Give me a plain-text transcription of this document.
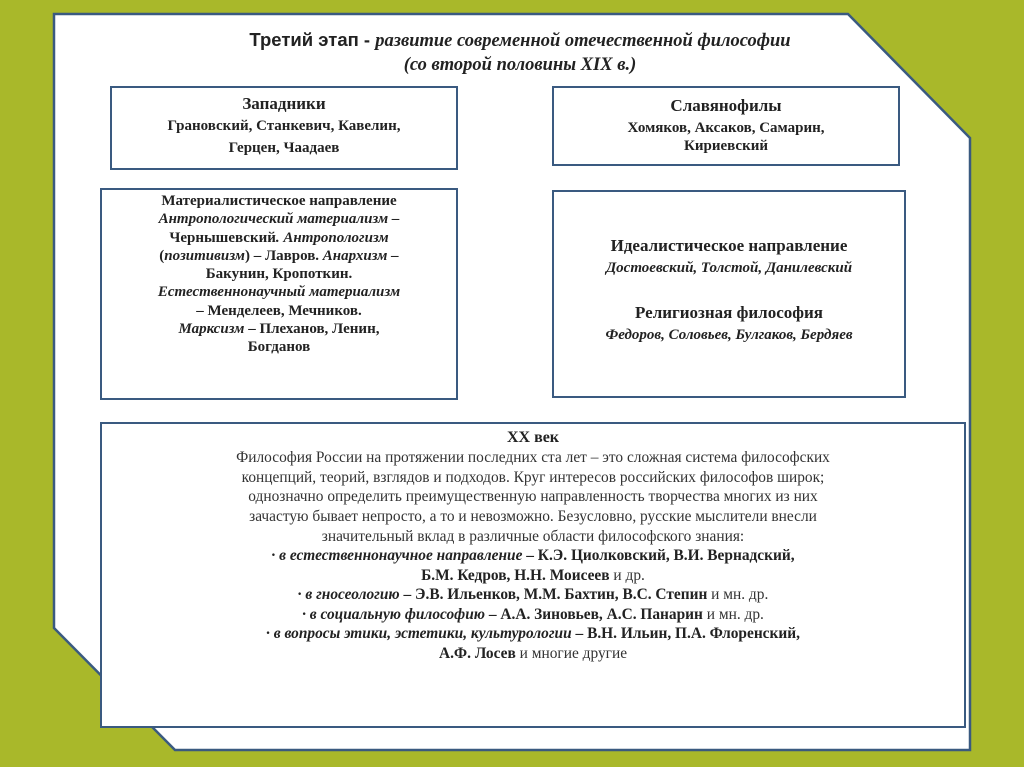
Третий этап - развитие современной отечественной философии
(со второй половины XIX в.)
Западники
Грановский, Станкевич, Кавелин,
Герцен, Чаадаев
Славянофилы
Хомяков, Аксаков, Самарин,
Кириевский
Материалистическое направление
Антропологический материализм –
Чернышевский. Антропологизм
(позитивизм) – Лавров. Анархизм –
Бакунин, Кропоткин.
Естественнонаучный материализм
– Менделеев, Мечников.
Марксизм – Плеханов, Ленин,
Богданов
Идеалистическое направление
Достоевский, Толстой, Данилевский
Религиозная философия
Федоров, Соловьев, Булгаков, Бердяев
XX век
Философия России на протяжении последних ста лет – это сложная система философских
концепций, теорий, взглядов и подходов. Круг интересов российских философов широк;
однозначно определить преимущественную направленность творчества многих из них
зачастую бывает непросто, а то и невозможно. Безусловно, русские мыслители внесли
значительный вклад в различные области философского знания:
· в естественнонаучное направление – К.Э. Циолковский, В.И. Вернадский,
Б.М. Кедров, Н.Н. Моисеев и др.
· в гносеологию – Э.В. Ильенков, М.М. Бахтин, В.С. Степин и мн. др.
· в социальную философию – А.А. Зиновьев, А.С. Панарин и мн. др.
· в вопросы этики, эстетики, культурологии – В.Н. Ильин, П.А. Флоренский,
А.Ф. Лосев и многие другие
